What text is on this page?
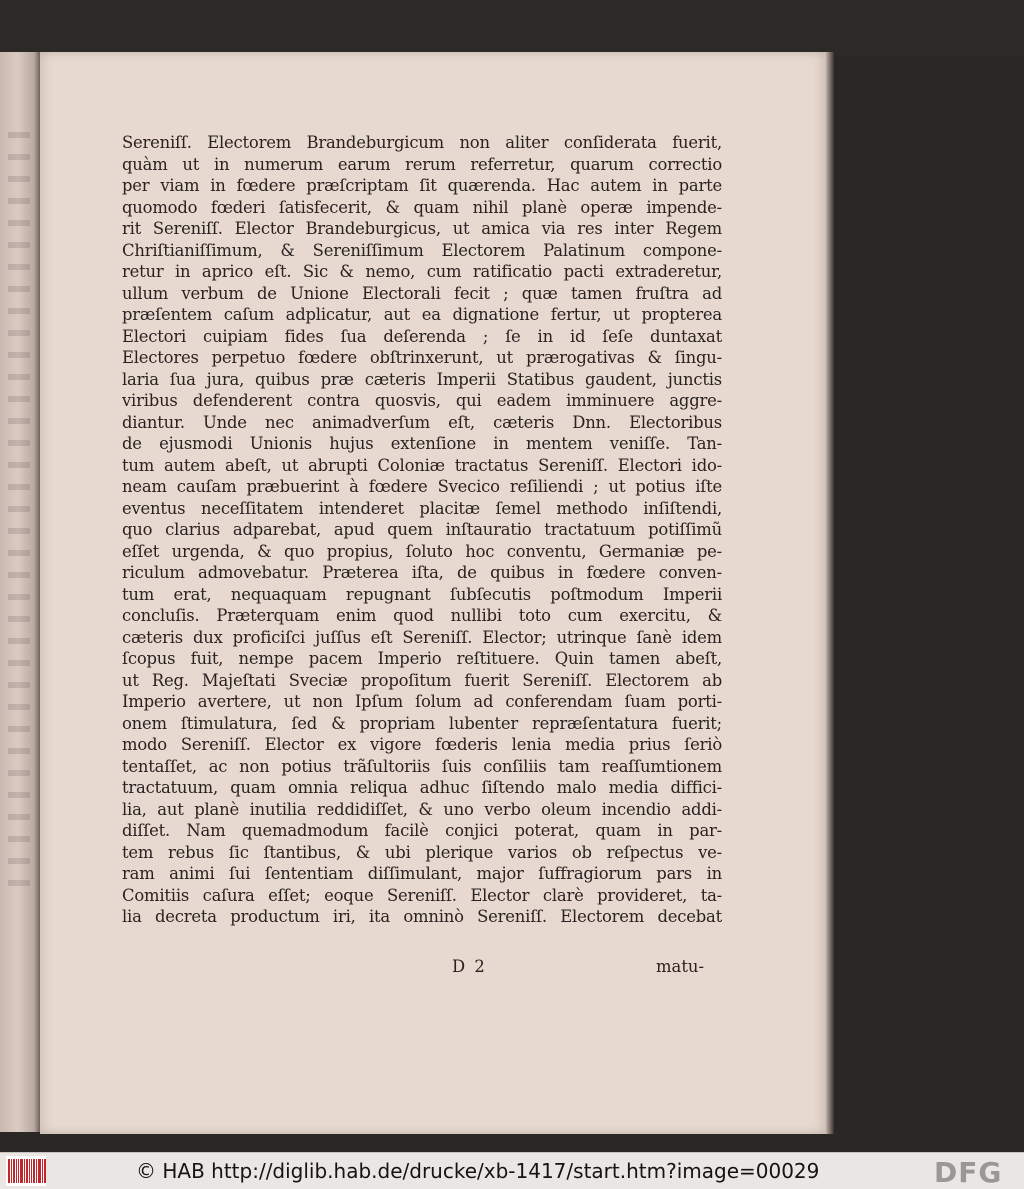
Sereniſſ. Electorem Brandeburgicum non aliter conſiderata fuerit,
quàm ut in numerum earum rerum referretur, quarum correctio
per viam in fœdere præſcriptam ſit quærenda. Hac autem in parte
quomodo fœderi ſatisfecerit, & quam nihil planè operæ impende-
rit Sereniſſ. Elector Brandeburgicus, ut amica via res inter Regem
Chriſtianiſſimum, & Sereniſſimum Electorem Palatinum compone-
retur in aprico eſt. Sic & nemo, cum ratificatio pacti extraderetur,
ullum verbum de Unione Electorali fecit ; quæ tamen fruſtra ad
præſentem caſum adplicatur, aut ea dignatione fertur, ut propterea
Electori cuipiam fides ſua deſerenda ; ſe in id ſeſe duntaxat
Electores perpetuo fœdere obſtrinxerunt, ut prærogativas & ſingu-
laria ſua jura, quibus præ cæteris Imperii Statibus gaudent, junctis
viribus defenderent contra quosvis, qui eadem imminuere aggre-
diantur. Unde nec animadverſum eſt, cæteris Dnn. Electoribus
de ejusmodi Unionis hujus extenſione in mentem veniſſe. Tan-
tum autem abeſt, ut abrupti Coloniæ tractatus Sereniſſ. Electori ido-
neam cauſam præbuerint à fœdere Svecico reſiliendi ; ut potius iſte
eventus neceſſitatem intenderet placitæ ſemel methodo inſiſtendi,
quo clarius adparebat, apud quem inſtauratio tractatuum potiſſimũ
eſſet urgenda, & quo propius, ſoluto hoc conventu, Germaniæ pe-
riculum admovebatur. Præterea iſta, de quibus in fœdere conven-
tum erat, nequaquam repugnant ſubſecutis poſtmodum Imperii
concluſis. Præterquam enim quod nullibi toto cum exercitu, &
cæteris dux proficiſci juſſus eſt Sereniſſ. Elector; utrinque ſanè idem
ſcopus fuit, nempe pacem Imperio reſtituere. Quin tamen abeſt,
ut Reg. Majeſtati Sveciæ propoſitum fuerit Sereniſſ. Electorem ab
Imperio avertere, ut non Ipſum ſolum ad conferendam ſuam porti-
onem ſtimulatura, ſed & propriam lubenter repræſentatura fuerit;
modo Sereniſſ. Elector ex vigore fœderis lenia media prius ſeriò
tentaſſet, ac non potius trãſultoriis ſuis conſiliis tam reaſſumtionem
tractatuum, quam omnia reliqua adhuc ſiſtendo malo media diffici-
lia, aut planè inutilia reddidiſſet, & uno verbo oleum incendio addi-
diſſet. Nam quemadmodum facilè conjici poterat, quam in par-
tem rebus ſic ſtantibus, & ubi plerique varios ob reſpectus ve-
ram animi ſui ſententiam diſſimulant, major ſuffragiorum pars in
Comitiis caſura eſſet; eoque Sereniſſ. Elector clarè provideret, ta-
lia decreta productum iri, ita omninò Sereniſſ. Electorem decebat
D 2	matu-
© HAB http://diglib.hab.de/drucke/xb-1417/start.htm?image=00029	DFG
